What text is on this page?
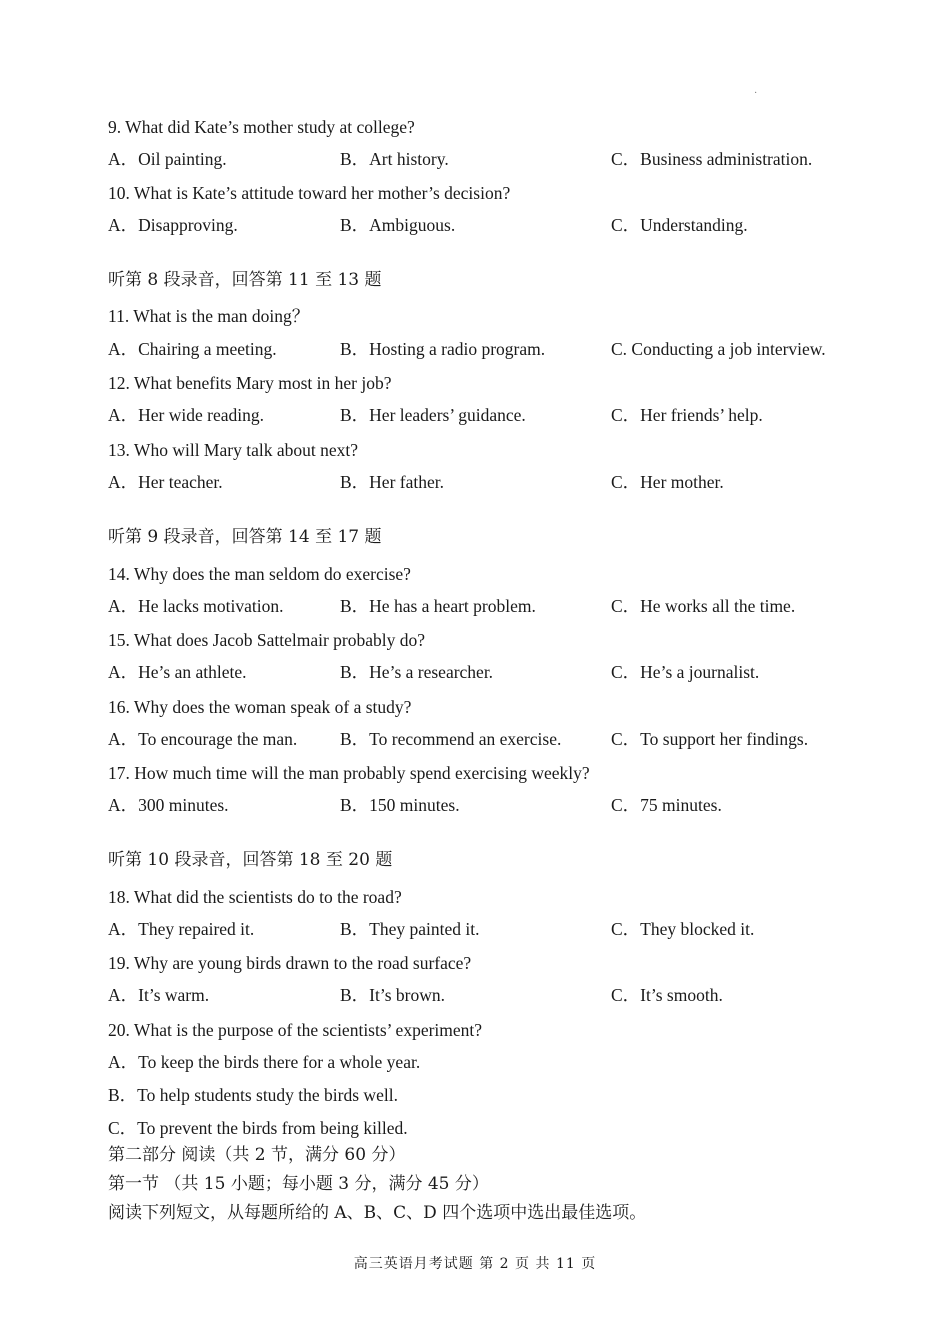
·
9. What did Kate’s mother study at college?
A．Oil painting.	B．Art history.	C．Business administration.
10. What is Kate’s attitude toward her mother’s decision?
A．Disapproving.	B．Ambiguous.	C．Understanding.
听第 8 段录音，回答第 11 至 13 题
11. What is the man doing？
A．Chairing a meeting.	B．Hosting a radio program.	C. Conducting a job interview.
12. What benefits Mary most in her job?
A．Her wide reading.	B．Her leaders’ guidance.	C．Her friends’ help.
13. Who will Mary talk about next?
A．Her teacher.	B．Her father.	C．Her mother.
听第 9 段录音，回答第 14 至 17 题
14. Why does the man seldom do exercise?
A．He lacks motivation.	B．He has a heart problem.	C．He works all the time.
15. What does Jacob Sattelmair probably do?
A．He’s an athlete.	B．He’s a researcher.	C．He’s a journalist.
16. Why does the woman speak of a study?
A．To encourage the man. B．To recommend an exercise.	C．To support her findings.
17. How much time will the man probably spend exercising weekly?
A．300 minutes.	B．150 minutes.	C．75 minutes.
听第 10 段录音，回答第 18 至 20 题
18. What did the scientists do to the road?
A．They repaired it.	B．They painted it.	C．They blocked it.
19. Why are young birds drawn to the road surface?
A．It’s warm.	B．It’s brown.	C．It’s smooth.
20. What is the purpose of the scientists’ experiment?
A．To keep the birds there for a whole year.
B．To help students study the birds well.
C．To prevent the birds from being killed.
第二部分 阅读（共 2 节，满分 60 分）
第一节 （共 15 小题；每小题 3 分，满分 45 分）
阅读下列短文，从每题所给的 A、B、C、D 四个选项中选出最佳选项。
高三英语月考试题 第 2 页 共 11 页
